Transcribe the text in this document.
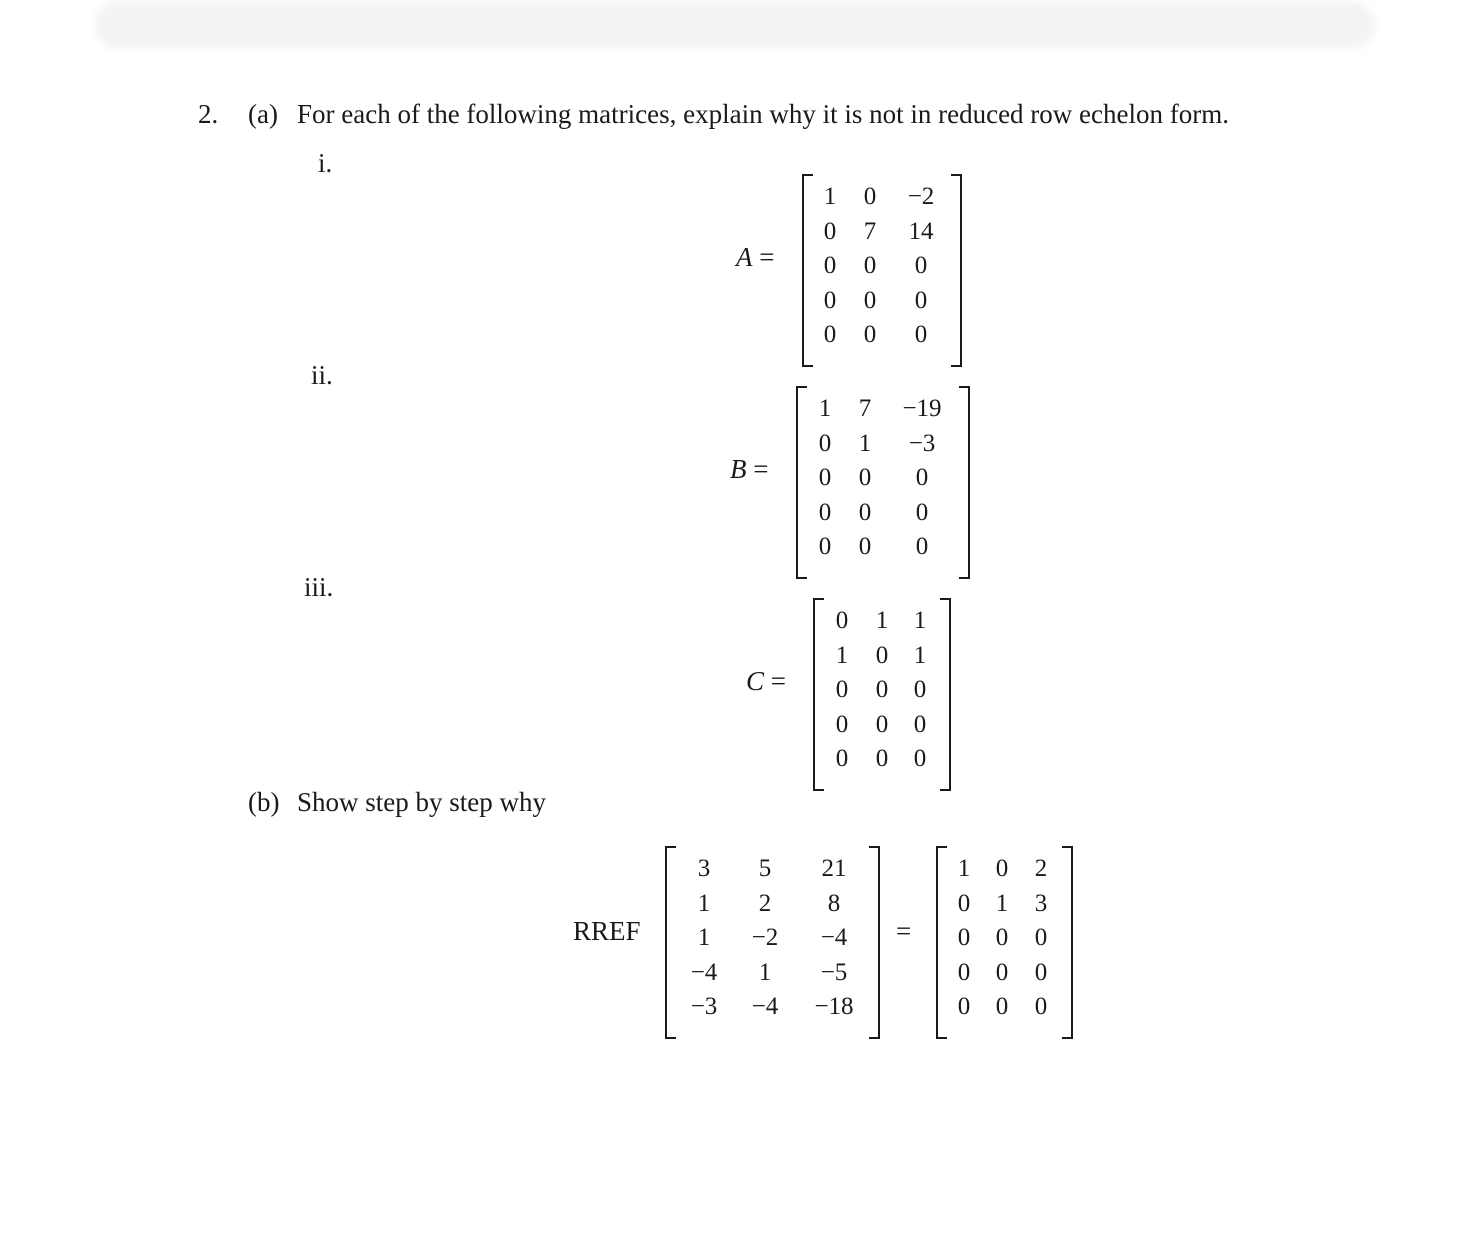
2. (a) For each of the following matrices, explain why it is not in reduced row echelon form.
i.
ii.
iii.
(b) Show step by step why
A =
1	0	−2
0	7	14
0	0	0
0	0	0
0	0	0
B =
1	7	−19
0	1	−3
0	0	0
0	0	0
0	0	0
C =
0	1	1
1	0	1
0	0	0
0	0	0
0	0	0
RREF
3	5	21
1	2	8
1	−2	−4
−4	1	−5
−3	−4	−18
=
1	0	2
0	1	3
0	0	0
0	0	0
0	0	0
